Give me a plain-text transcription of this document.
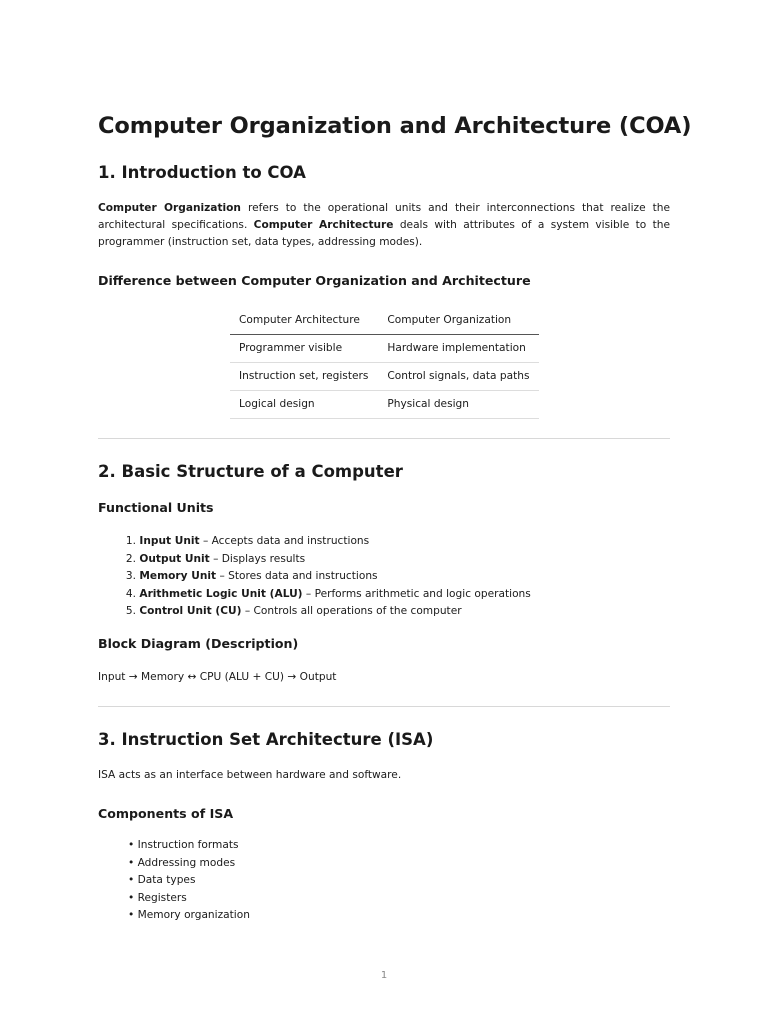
Computer Organization and Architecture (COA)
1. Introduction to COA

Computer Organization refers to the operational units and their interconnections that realize the architectural specifications. Computer Architecture deals with attributes of a system visible to the programmer (instruction set, data types, addressing modes).

Difference between Computer Organization and Architecture
Computer Architecture	Computer Organization
Programmer visible	Hardware implementation
Instruction set, registers	Control signals, data paths
Logical design	Physical design
2. Basic Structure of a Computer
Functional Units
1. Input Unit – Accepts data and instructions
2. Output Unit – Displays results
3. Memory Unit – Stores data and instructions
4. Arithmetic Logic Unit (ALU) – Performs arithmetic and logic operations
5. Control Unit (CU) – Controls all operations of the computer
Block Diagram (Description)

Input → Memory ↔ CPU (ALU + CU) → Output

3. Instruction Set Architecture (ISA)

ISA acts as an interface between hardware and software.

Components of ISA
• Instruction formats
• Addressing modes
• Data types
• Registers
• Memory organization
1
